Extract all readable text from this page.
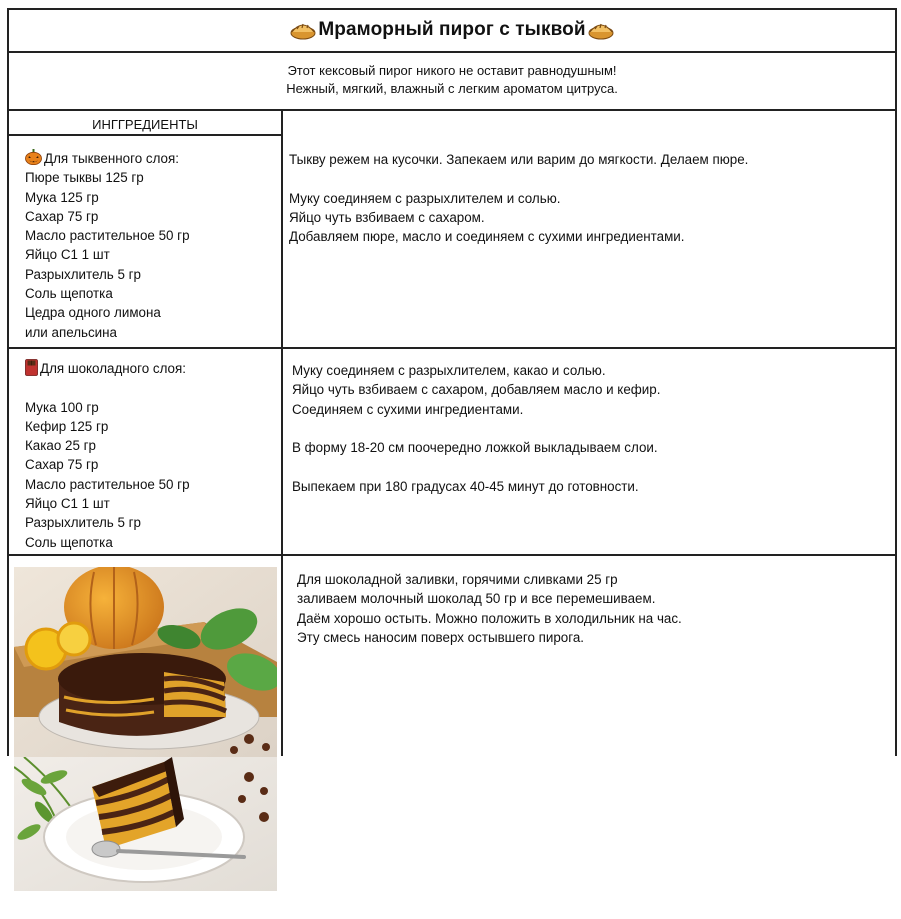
Мраморный пирог с тыквой
Этот кексовый пирог никого не оставит равнодушным!
Нежный, мягкий, влажный с легким ароматом цитруса.
ИНГГРЕДИЕНТЫ
Для тыквенного слоя:
Пюре тыквы 125 гр
Мука 125 гр
Сахар 75 гр
Масло растительное 50 гр
Яйцо С1 1 шт
Разрыхлитель 5 гр
Соль щепотка
Цедра одного лимона
или апельсина
Тыкву режем на кусочки. Запекаем или варим до мягкости. Делаем пюре.
Муку соединяем с разрыхлителем и солью.
Яйцо чуть взбиваем с сахаром.
Добавляем пюре, масло и соединяем с сухими ингредиентами.
Для шоколадного слоя:
Мука 100 гр
Кефир 125 гр
Какао 25 гр
Сахар 75 гр
Масло растительное 50 гр
Яйцо С1 1 шт
Разрыхлитель 5 гр
Соль щепотка
Муку соединяем с разрыхлителем, какао и солью.
Яйцо чуть взбиваем с сахаром, добавляем масло и кефир.
Соединяем с сухими ингредиентами.
В форму 18-20 см поочередно ложкой выкладываем слои.
Выпекаем при 180 градусах 40-45 минут до готовности.
Для шоколадной заливки, горячими сливками 25 гр
заливаем молочный шоколад 50 гр и все перемешиваем.
Даём хорошо остыть. Можно положить в холодильник на час.
Эту смесь наносим поверх остывшего пирога.
